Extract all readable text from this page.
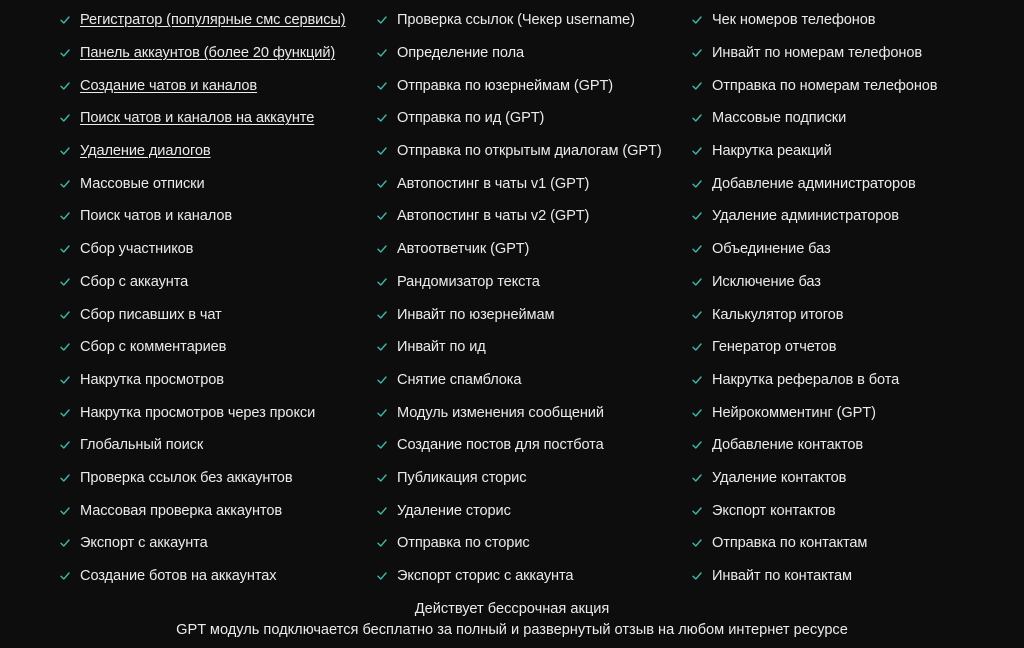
Регистратор (популярные смс сервисы)
Панель аккаунтов (более 20 функций)
Создание чатов и каналов
Поиск чатов и каналов на аккаунте
Удаление диалогов
Массовые отписки
Поиск чатов и каналов
Сбор участников
Сбор с аккаунта
Сбор писавших в чат
Сбор с комментариев
Накрутка просмотров
Накрутка просмотров через прокси
Глобальный поиск
Проверка ссылок без аккаунтов
Массовая проверка аккаунтов
Экспорт с аккаунта
Создание ботов на аккаунтах
Проверка ссылок (Чекер username)
Определение пола
Отправка по юзернеймам (GPT)
Отправка по ид (GPT)
Отправка по открытым диалогам (GPT)
Автопостинг в чаты v1 (GPT)
Автопостинг в чаты v2 (GPT)
Автоответчик (GPT)
Рандомизатор текста
Инвайт по юзернеймам
Инвайт по ид
Снятие спамблока
Модуль изменения сообщений
Создание постов для постбота
Публикация сторис
Удаление сторис
Отправка по сторис
Экспорт сторис с аккаунта
Чек номеров телефонов
Инвайт по номерам телефонов
Отправка по номерам телефонов
Массовые подписки
Накрутка реакций
Добавление администраторов
Удаление администраторов
Объединение баз
Исключение баз
Калькулятор итогов
Генератор отчетов
Накрутка рефералов в бота
Нейрокомментинг (GPT)
Добавление контактов
Удаление контактов
Экспорт контактов
Отправка по контактам
Инвайт по контактам
Действует бессрочная акция
GPT модуль подключается бесплатно за полный и развернутый отзыв на любом интернет ресурсе
